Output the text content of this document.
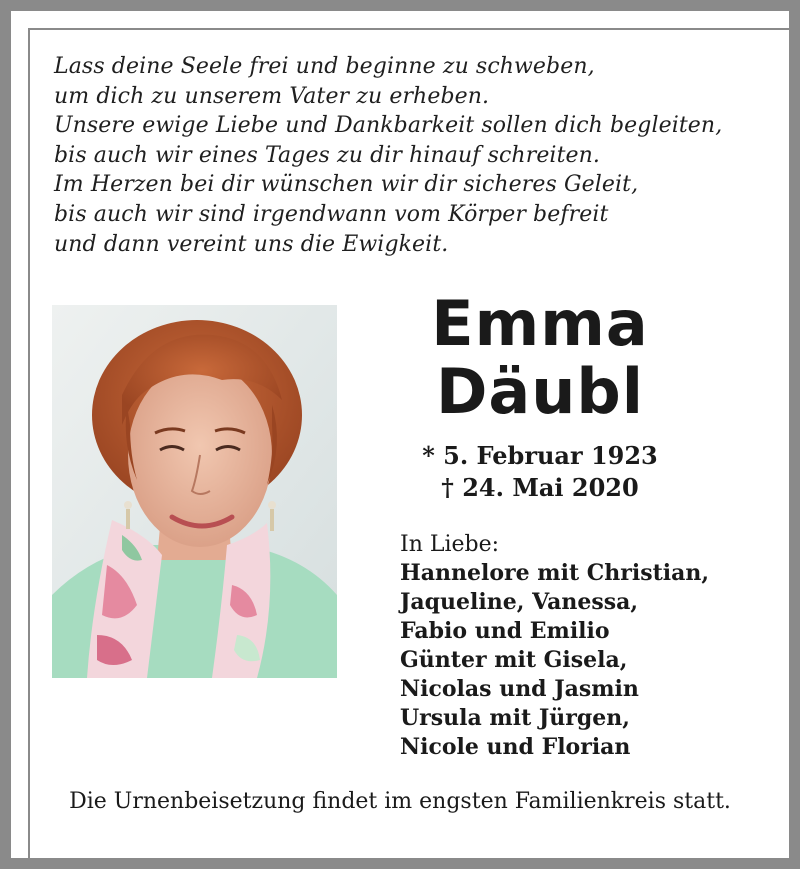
Lass deine Seele frei und beginne zu schweben,
um dich zu unserem Vater zu erheben.
Unsere ewige Liebe und Dankbarkeit sollen dich begleiten,
bis auch wir eines Tages zu dir hinauf schreiten.
Im Herzen bei dir wünschen wir dir sicheres Geleit,
bis auch wir sind irgendwann vom Körper befreit
und dann vereint uns die Ewigkeit.
Emma
Däubl
* 5. Februar 1923
† 24. Mai 2020
In Liebe:
Hannelore mit Christian,
Jaqueline, Vanessa,
Fabio und Emilio
Günter mit Gisela,
Nicolas und Jasmin
Ursula mit Jürgen,
Nicole und Florian
Die Urnenbeisetzung findet im engsten Familienkreis statt.
